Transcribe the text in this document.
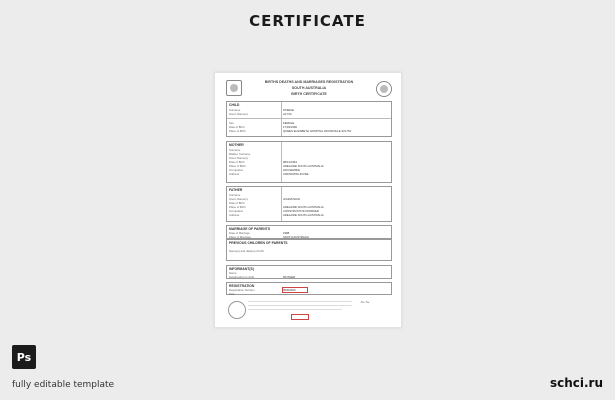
CERTIFICATE
BIRTHS DEATHS AND MARRIAGES REGISTRATION
SOUTH AUSTRALIA
BIRTH CERTIFICATE
CHILD
Surname	STEEVE
Given Name(s)	ALYVA
Sex	FEMALE
Date of Birth	17/03/1990
Place of Birth	QUEEN ELIZABETH HOSPITAL WOODVILLE SOUTH
MOTHER
Surname
Maiden Surname
Given Name(s)
Date of Birth	08/12/1961
Place of Birth	ADELAIDE SOUTH AUSTRALIA
Occupation	HOUSEWIFE
Address	UNKNOWN HOUSE
FATHER
Surname
Given Name(s)	JOHNATHAN
Date of Birth
Place of Birth	ADELAIDE SOUTH AUSTRALIA
Occupation	CONSTRUCTION WORKER
Address	ADELAIDE SOUTH AUSTRALIA
MARRIAGE OF PARENTS
Date of Marriage	1988
Place of Marriage	SOUTH AUSTRALIA
PREVIOUS CHILDREN OF PARENTS
Name(s) and date(s) of birth
INFORMANT(S)
Name
Relationship to child	MOTHER
REGISTRATION
Registration Number	00000000
Date
~~
Ps
fully editable template	schci.ru
